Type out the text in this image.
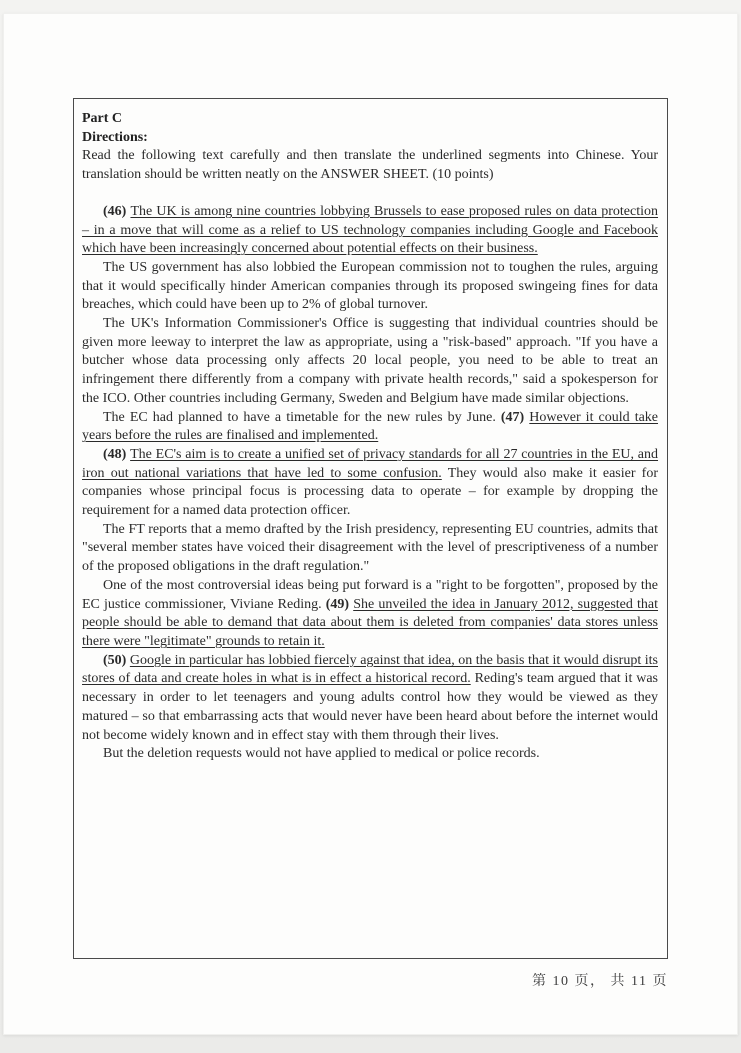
Part C

Directions:

Read the following text carefully and then translate the underlined segments into Chinese. Your translation should be written neatly on the ANSWER SHEET. (10 points)

(46) The UK is among nine countries lobbying Brussels to ease proposed rules on data protection – in a move that will come as a relief to US technology companies including Google and Facebook which have been increasingly concerned about potential effects on their business.

The US government has also lobbied the European commission not to toughen the rules, arguing that it would specifically hinder American companies through its proposed swingeing fines for data breaches, which could have been up to 2% of global turnover.

The UK's Information Commissioner's Office is suggesting that individual countries should be given more leeway to interpret the law as appropriate, using a "risk-based" approach. "If you have a butcher whose data processing only affects 20 local people, you need to be able to treat an infringement there differently from a company with private health records," said a spokesperson for the ICO. Other countries including Germany, Sweden and Belgium have made similar objections.

The EC had planned to have a timetable for the new rules by June. (47) However it could take years before the rules are finalised and implemented.

(48) The EC's aim is to create a unified set of privacy standards for all 27 countries in the EU, and iron out national variations that have led to some confusion. They would also make it easier for companies whose principal focus is processing data to operate – for example by dropping the requirement for a named data protection officer.

The FT reports that a memo drafted by the Irish presidency, representing EU countries, admits that "several member states have voiced their disagreement with the level of prescriptiveness of a number of the proposed obligations in the draft regulation."

One of the most controversial ideas being put forward is a "right to be forgotten", proposed by the EC justice commissioner, Viviane Reding. (49) She unveiled the idea in January 2012, suggested that people should be able to demand that data about them is deleted from companies' data stores unless there were "legitimate" grounds to retain it.

(50) Google in particular has lobbied fiercely against that idea, on the basis that it would disrupt its stores of data and create holes in what is in effect a historical record. Reding's team argued that it was necessary in order to let teenagers and young adults control how they would be viewed as they matured – so that embarrassing acts that would never have been heard about before the internet would not become widely known and in effect stay with them through their lives.

But the deletion requests would not have applied to medical or police records.

第 10 页， 共 11 页
